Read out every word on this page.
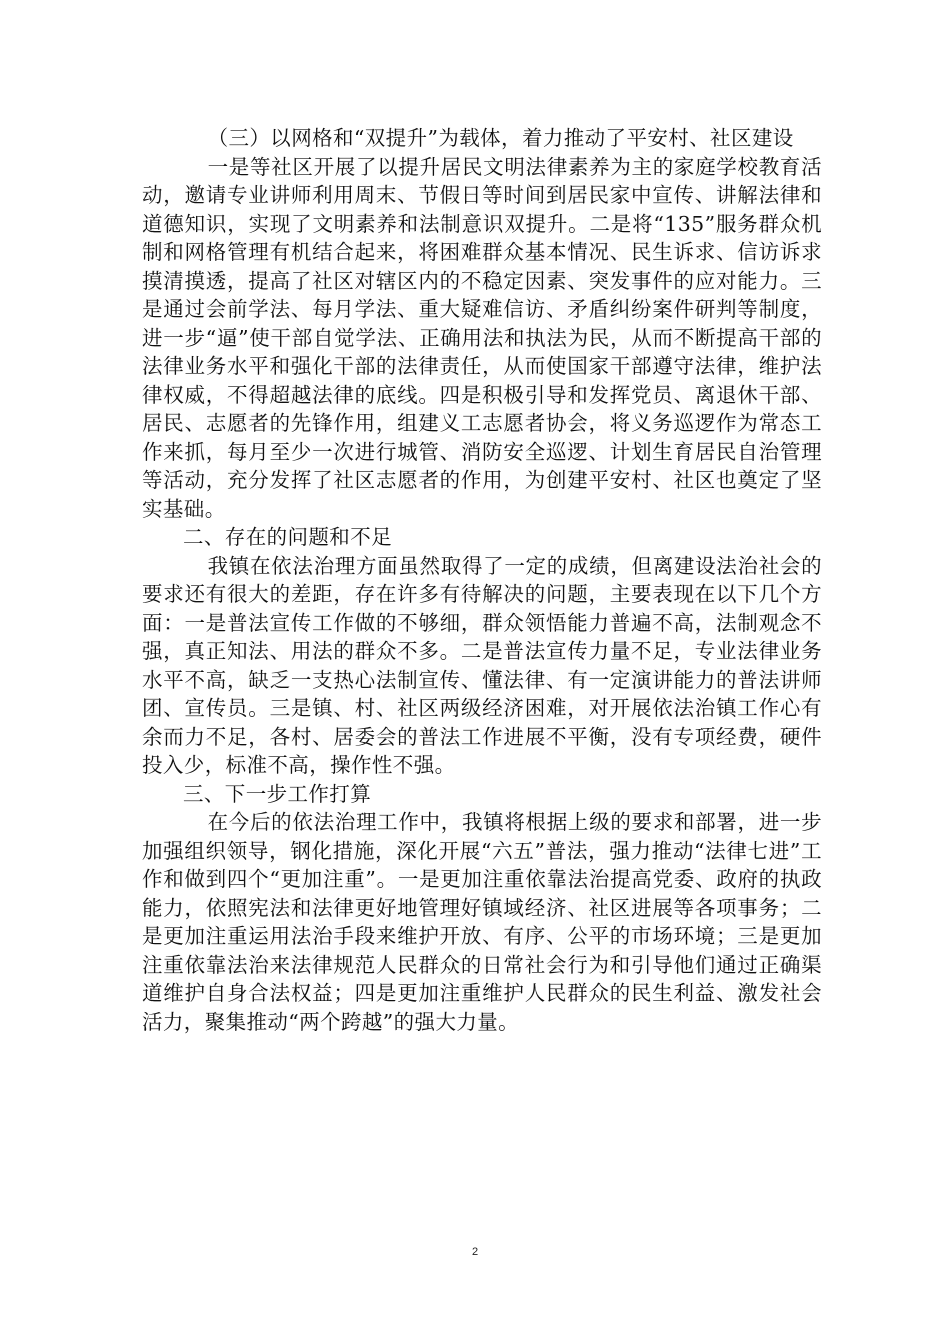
（三）以网格和“双提升”为载体，着力推动了平安村、社区建设

一是等社区开展了以提升居民文明法律素养为主的家庭学校教育活动，邀请专业讲师利用周末、节假日等时间到居民家中宣传、讲解法律和道德知识，实现了文明素养和法制意识双提升。二是将“135”服务群众机制和网格管理有机结合起来，将困难群众基本情况、民生诉求、信访诉求摸清摸透，提高了社区对辖区内的不稳定因素、突发事件的应对能力。三是通过会前学法、每月学法、重大疑难信访、矛盾纠纷案件研判等制度，进一步“逼”使干部自觉学法、正确用法和执法为民，从而不断提高干部的法律业务水平和强化干部的法律责任，从而使国家干部遵守法律，维护法律权威，不得超越法律的底线。四是积极引导和发挥党员、离退休干部、居民、志愿者的先锋作用，组建义工志愿者协会，将义务巡逻作为常态工作来抓，每月至少一次进行城管、消防安全巡逻、计划生育居民自治管理等活动，充分发挥了社区志愿者的作用，为创建平安村、社区也奠定了坚实基础。

二、存在的问题和不足

我镇在依法治理方面虽然取得了一定的成绩，但离建设法治社会的要求还有很大的差距，存在许多有待解决的问题，主要表现在以下几个方面：一是普法宣传工作做的不够细，群众领悟能力普遍不高，法制观念不强，真正知法、用法的群众不多。二是普法宣传力量不足，专业法律业务水平不高，缺乏一支热心法制宣传、懂法律、有一定演讲能力的普法讲师团、宣传员。三是镇、村、社区两级经济困难，对开展依法治镇工作心有余而力不足，各村、居委会的普法工作进展不平衡，没有专项经费，硬件投入少，标准不高，操作性不强。

三、下一步工作打算

在今后的依法治理工作中，我镇将根据上级的要求和部署，进一步加强组织领导，钢化措施，深化开展“六五”普法，强力推动“法律七进”工作和做到四个“更加注重”。一是更加注重依靠法治提高党委、政府的执政能力，依照宪法和法律更好地管理好镇域经济、社区进展等各项事务；二是更加注重运用法治手段来维护开放、有序、公平的市场环境；三是更加注重依靠法治来法律规范人民群众的日常社会行为和引导他们通过正确渠道维护自身合法权益；四是更加注重维护人民群众的民生利益、激发社会活力，聚集推动“两个跨越”的强大力量。

2
